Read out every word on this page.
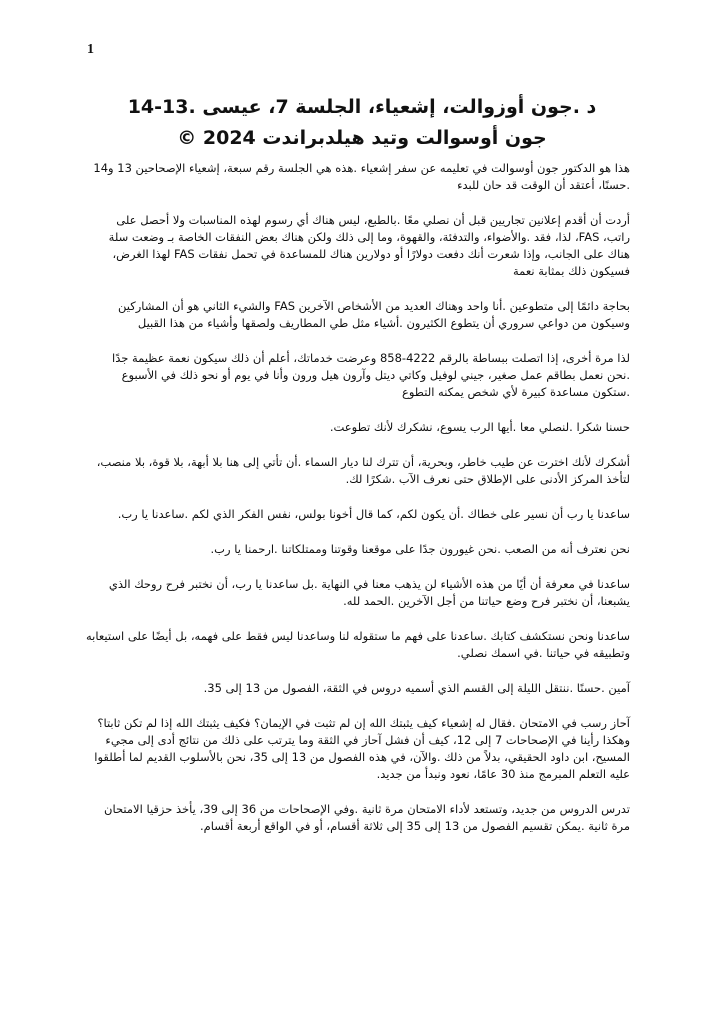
1
د .جون أوزوالت، إشعياء، الجلسة 7، عيسى .13-14
جون أوسوالت وتيد هيلدبراندت 2024 ©

هذا هو الدكتور جون أوسوالت في تعليمه عن سفر إشعياء .هذه هي الجلسة رقم سبعة، إشعياء الإصحاحين 13 و14 .حسنًا، أعتقد أن الوقت قد حان للبدء

أردت أن أقدم إعلانين تجاريين قبل أن نصلي معًا .بالطبع، ليس هناك أي رسوم لهذه المناسبات ولا أحصل على راتب، FAS، لذا، فقد .والأضواء، والتدفئة، والقهوة، وما إلى ذلك ولكن هناك بعض النفقات الخاصة بـ وضعت سلة هناك على الجانب، وإذا شعرت أنك دفعت دولارًا أو دولارين هناك للمساعدة في تحمل نفقات FAS لهذا الغرض، فسيكون ذلك بمثابة نعمة

بحاجة دائمًا إلى متطوعين .أنا واحد وهناك العديد من الأشخاص الآخرين FAS والشيء الثاني هو أن المشاركين وسيكون من دواعي سروري أن يتطوع الكثيرون .أشياء مثل طي المطاريف ولصقها وأشياء من هذا القبيل

لذا مرة أخرى، إذا اتصلت ببساطة بالرقم 4222-858 وعرضت خدماتك، أعلم أن ذلك سيكون نعمة عظيمة جدًا .نحن نعمل بطاقم عمل صغير، جيني لوفيل وكاتي ديتل وآرون هيل ورون وأنا في يوم أو نحو ذلك في الأسبوع .ستكون مساعدة كبيرة لأي شخص يمكنه التطوع

حسنا شكرا .لنصلي معا .أيها الرب يسوع، نشكرك لأنك تطوعت.

أشكرك لأنك اخترت عن طيب خاطر، وبحرية، أن تترك لنا ديار السماء .أن تأتي إلى هنا بلا أبهة، بلا قوة، بلا منصب، لتأخذ المركز الأدنى على الإطلاق حتى نعرف الآب .شكرًا لك.

ساعدنا يا رب أن نسير على خطاك .أن يكون لكم، كما قال أخونا بولس، نفس الفكر الذي لكم .ساعدنا يا رب.

نحن نعترف أنه من الصعب .نحن غيورون جدًا على موقعنا وقوتنا وممتلكاتنا .ارحمنا يا رب.

ساعدنا في معرفة أن أيًا من هذه الأشياء لن يذهب معنا في النهاية .بل ساعدنا يا رب، أن نختبر فرح روحك الذي يشبعنا، أن نختبر فرح وضع حياتنا من أجل الآخرين .الحمد لله.

ساعدنا ونحن نستكشف كتابك .ساعدنا على فهم ما ستقوله لنا وساعدنا ليس فقط على فهمه، بل أيضًا على استيعابه وتطبيقه في حياتنا .في اسمك نصلي.

آمين .حسنًا .ننتقل الليلة إلى القسم الذي أسميه دروس في الثقة، الفصول من 13 إلى 35.

آحاز رسب في الامتحان .فقال له إشعياء كيف يثبتك الله إن لم تثبت في الإيمان؟ فكيف يثبتك الله إذا لم تكن ثابتا؟ وهكذا رأينا في الإصحاحات 7 إلى 12، كيف أن فشل آحاز في الثقة وما يترتب على ذلك من نتائج أدى إلى مجيء المسيح، ابن داود الحقيقي، بدلاً من ذلك .والآن، في هذه الفصول من 13 إلى 35، نحن بالأسلوب القديم لما أطلقوا عليه التعلم المبرمج منذ 30 عامًا، نعود ونبدأ من جديد.

تدرس الدروس من جديد، وتستعد لأداء الامتحان مرة ثانية .وفي الإصحاحات من 36 إلى 39، يأخذ حزقيا الامتحان مرة ثانية .يمكن تقسيم الفصول من 13 إلى 35 إلى ثلاثة أقسام، أو في الواقع أربعة أقسام.
